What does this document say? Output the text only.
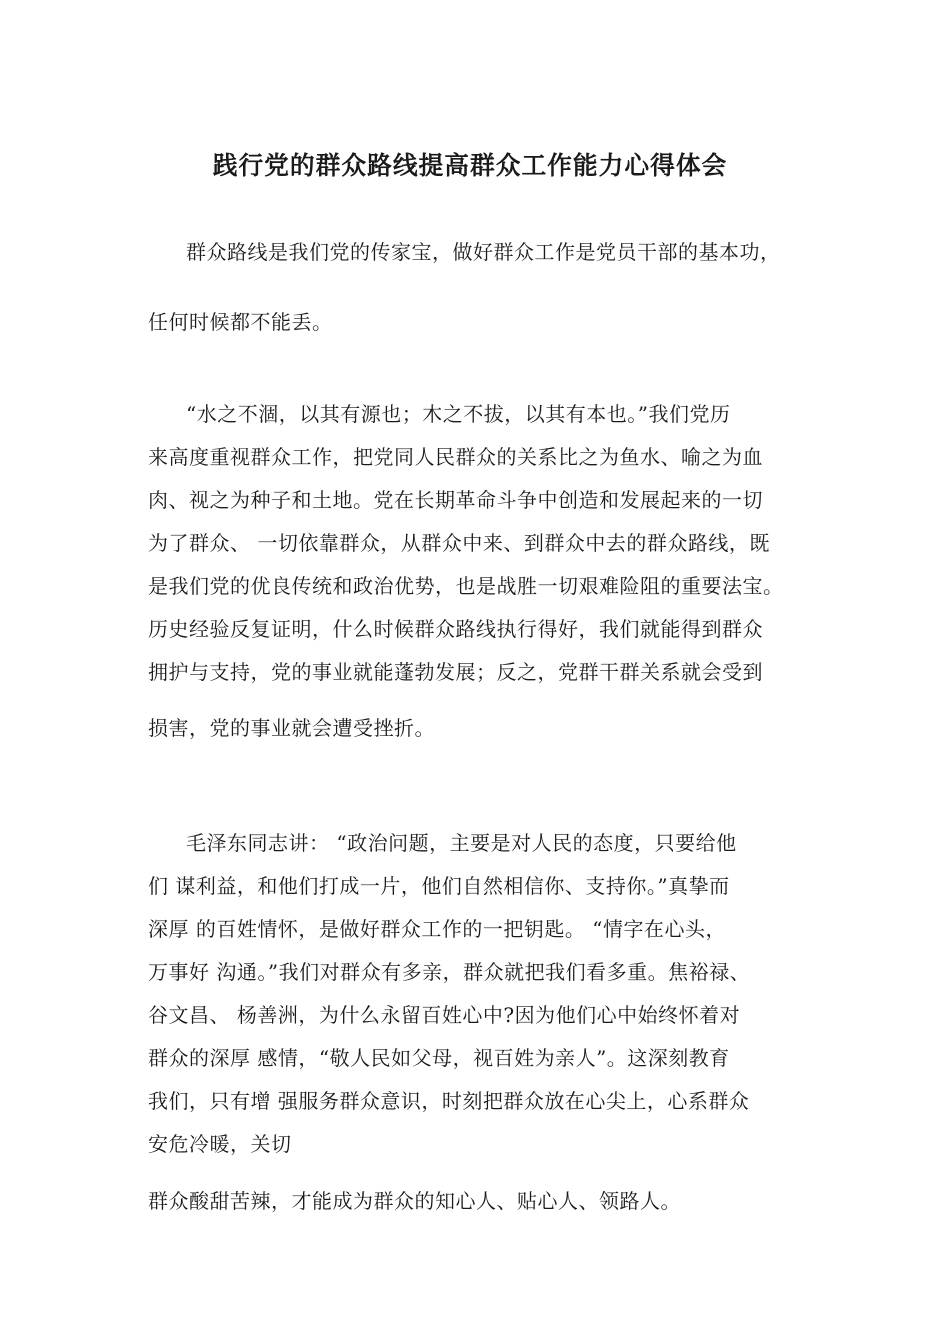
践行党的群众路线提高群众工作能力心得体会
群众路线是我们党的传家宝，做好群众工作是党员干部的基本功，
任何时候都不能丢。
“水之不涸，以其有源也；木之不拔，以其有本也。”我们党历
来高度重视群众工作，把党同人民群众的关系比之为鱼水、喻之为血
肉、视之为种子和土地。党在长期革命斗争中创造和发展起来的一切
为了群众、 一切依靠群众，从群众中来、到群众中去的群众路线，既
是我们党的优良传统和政治优势，也是战胜一切艰难险阻的重要法宝。
历史经验反复证明，什么时候群众路线执行得好，我们就能得到群众
拥护与支持，党的事业就能蓬勃发展；反之，党群干群关系就会受到
损害，党的事业就会遭受挫折。
毛泽东同志讲： “政治问题，主要是对人民的态度，只要给他
们 谋利益，和他们打成一片，他们自然相信你、支持你。”真挚而
深厚 的百姓情怀，是做好群众工作的一把钥匙。 “情字在心头，
万事好 沟通。”我们对群众有多亲，群众就把我们看多重。焦裕禄、
谷文昌、 杨善洲，为什么永留百姓心中?因为他们心中始终怀着对
群众的深厚 感情，“敬人民如父母，视百姓为亲人”。这深刻教育
我们，只有增 强服务群众意识，时刻把群众放在心尖上，心系群众
安危冷暖，关切
群众酸甜苦辣，才能成为群众的知心人、贴心人、领路人。
